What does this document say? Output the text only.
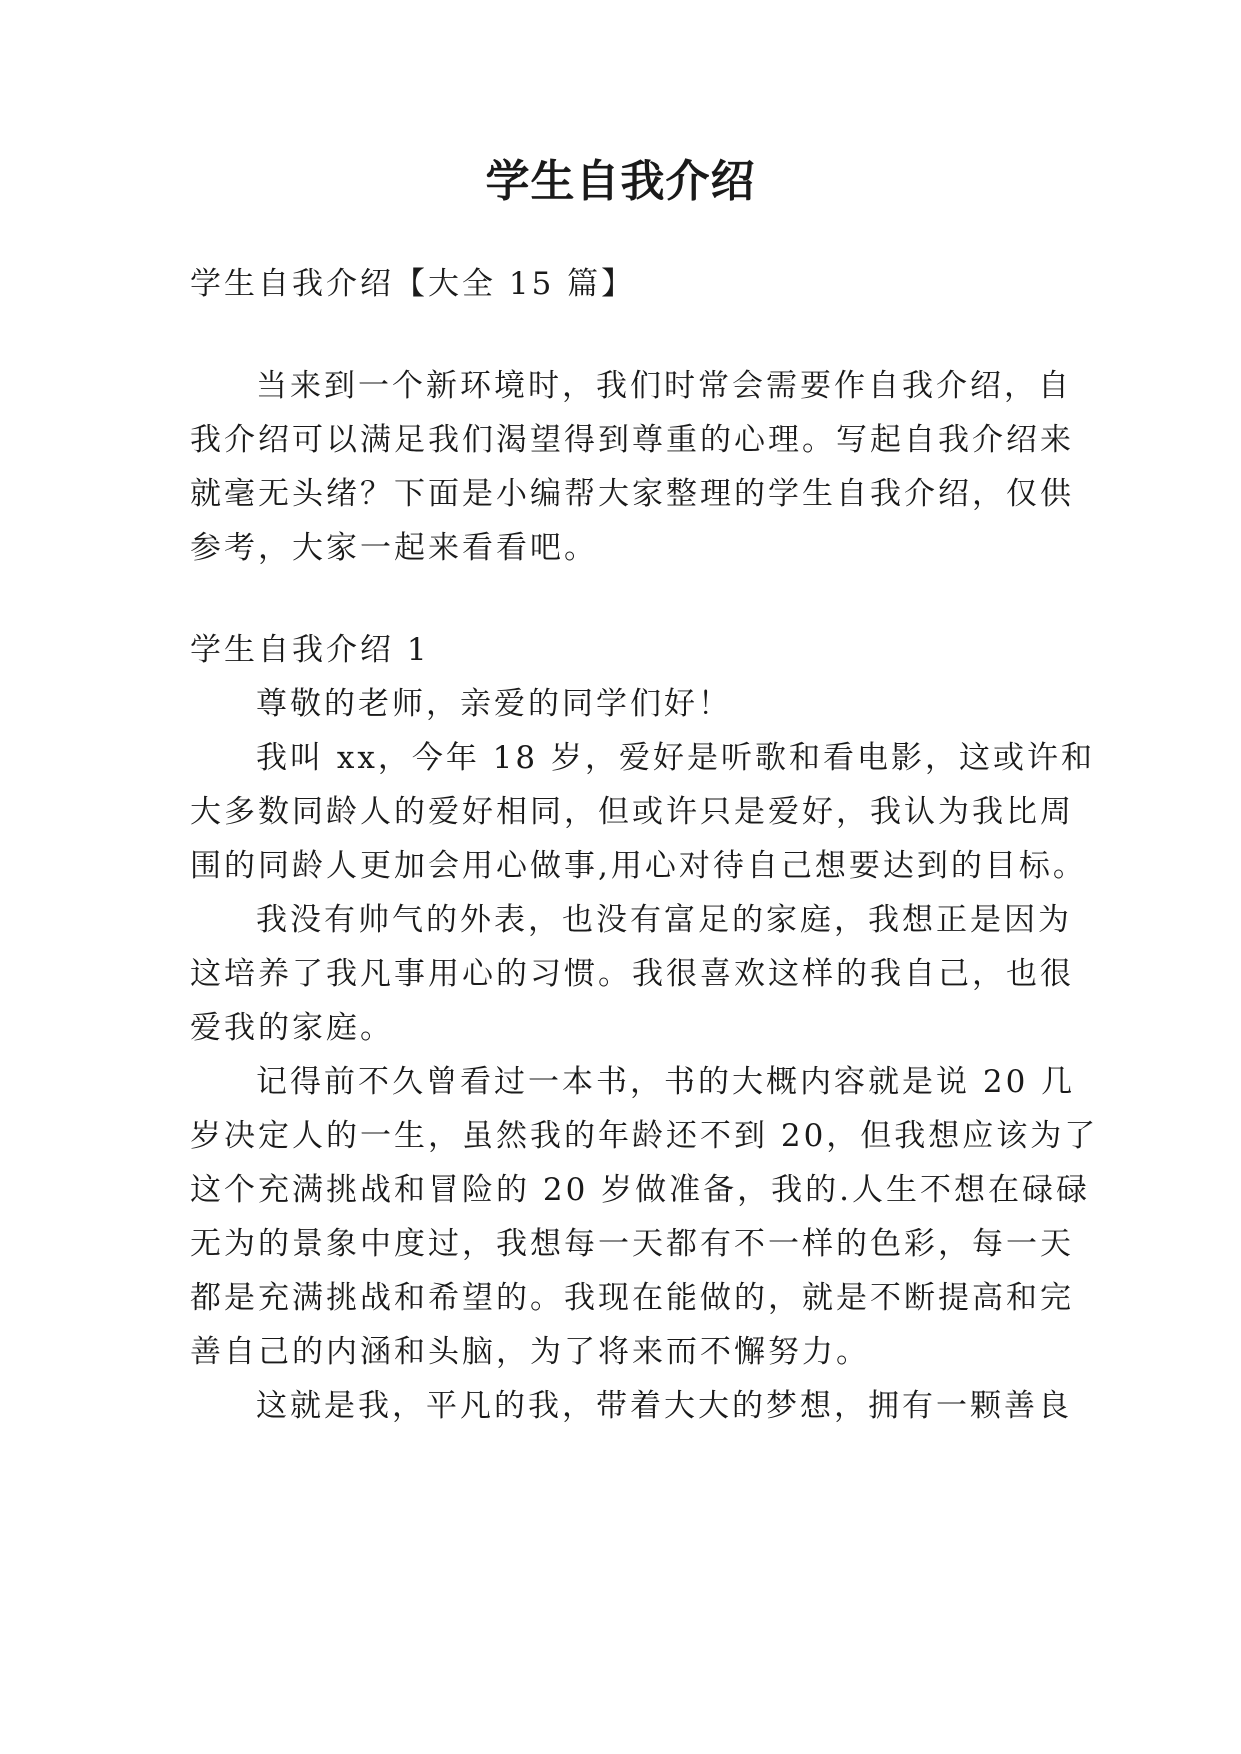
学生自我介绍

学生自我介绍【大全 15 篇】

当来到一个新环境时，我们时常会需要作自我介绍，自

我介绍可以满足我们渴望得到尊重的心理。写起自我介绍来

就毫无头绪？下面是小编帮大家整理的学生自我介绍，仅供

参考，大家一起来看看吧。

学生自我介绍 1

尊敬的老师，亲爱的同学们好！

我叫 xx，今年 18 岁，爱好是听歌和看电影，这或许和

大多数同龄人的爱好相同，但或许只是爱好，我认为我比周

围的同龄人更加会用心做事,用心对待自己想要达到的目标。

我没有帅气的外表，也没有富足的家庭，我想正是因为

这培养了我凡事用心的习惯。我很喜欢这样的我自己，也很

爱我的家庭。

记得前不久曾看过一本书，书的大概内容就是说 20 几

岁决定人的一生，虽然我的年龄还不到 20，但我想应该为了

这个充满挑战和冒险的 20 岁做准备，我的.人生不想在碌碌

无为的景象中度过，我想每一天都有不一样的色彩，每一天

都是充满挑战和希望的。我现在能做的，就是不断提高和完

善自己的内涵和头脑，为了将来而不懈努力。

这就是我，平凡的我，带着大大的梦想，拥有一颗善良
